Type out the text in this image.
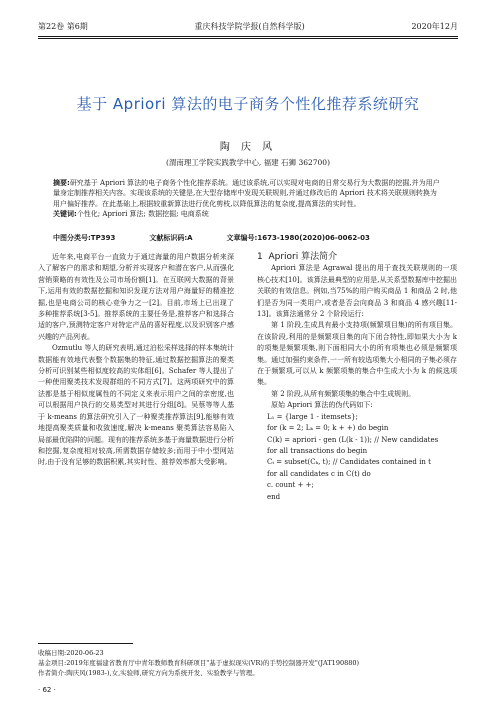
第22卷 第6期	重庆科技学院学报(自然科学版)	2020年12月
基于 Apriori 算法的电子商务个性化推荐系统研究
陶 庆 风
(渭南理工学院实践教学中心, 福建 石狮 362700)
摘要:研究基于 Apriori 算法的电子商务个性化推荐系统。通过该系统,可以实现对电商的日常交易行为大数据的挖掘,并为用户量身定制推荐相关内容。实现该系统的关键是,在大型存储库中发现关联规则,并通过修改后的 Apriori 技术将关联规则转换为用户偏好推荐。在此基础上,根据较重新算法进行优化剪枝,以降低算法的复杂度,提高算法的实时性。
关键词:个性化; Apriori 算法; 数据挖掘; 电商系统
中图分类号:TP393	文献标识码:A	文章编号:1673-1980(2020)06-0062-03

近年来,电商平台一直致力于通过海量的用户数据分析来深入了解客户的需求和期望,分析并实现客户和潜在客户,从而强化营销策略的有效性及公司市场份额[1]。在互联网大数据的背景下,运用有效的数据挖掘和知识发现方法对用户海量好的精准挖掘,也是电商公司的核心竞争力之一[2]。目前,市场上已出现了多种推荐系统[3-5]。推荐系统的主要任务是,推荐客户和选择合适的客户,预测特定客户对特定产品的喜好程度,以及识别客户感兴趣的产品列表。

Ozmutlu 等人的研究表明,通过泊松采样选择的样本集统计数据能有效地代表整个数据集的特征,通过数据挖掘算法的聚类分析可识别某些相似度较高的实体组[6]。Schafer 等人提出了一种使用聚类技术发现群组的不同方式[7]。这两项研究中的算法都是基于相似度属性的不同定义来表示用户之间的亲密度,也可以根据用户执行的交易类型对其进行分组[8]。吴蔡等等人基于 k-means 的算法研究引入了一种聚类推荐算法[9],能够有效地提高聚类质量和收敛速度,解决 k-means 聚类算法容易陷入局部最优陷阱的问题。现有的推荐系统多基于海量数据进行分析和挖掘,复杂度相对较高,所需数据存储较多;而用于中小型网站时,由于没有足够的数据积累,其实时性、推荐效率都大受影响。

1 Apriori 算法简介

Apriori 算法是 Agrawal 提出的用于查找关联规则的一项核心技术[10]。该算法最典型的应用是,从关系型数据库中挖掘出关联的有效信息。例如,当75%的用户购买商品 1 和商品 2 时,他们是否为同一类用户,或者是否会向商品 3 和商品 4 感兴趣[11-13]。该算法通常分 2 个阶段运行:

第 1 阶段,生成具有最小支持项(频繁项目集)的所有项目集。在该阶段,利用的是频繁项目集的向下闭合特性,即如果大小为 k 的项集是频繁项集,则下面相同大小的所有项集也必须是频繁项集。通过加强约束条件,一一所有较选项集大小相同的子集必须存在于频繁项,可以从 k 频繁项集的集合中生成大小为 k 的候选项集。

第 2 阶段,从所有频繁项集的集合中生成规则。

原始 Apriori 算法的伪代码如下:

L₁ = {large 1 - itemsets};

for (k = 2; Lₖ = 0; k + +) do begin

C(k) = apriori - gen (L(k - 1)); // New candidates

for all transactions do begin

Cₜ = subset(Cₖ, t); // Candidates contained in t

for all candidates c in C(t) do

c. count + +;

end

收稿日期:2020-06-23
基金项目:2019年度福建省教育厅中青年教师教育科研项目"基于虚拟现实(VR)的手势控制器开发"(JAT190880)
作者简介:陶庆风(1983-),女,实验师,研究方向为系统开发、实验教学与管理。
· 62 ·
